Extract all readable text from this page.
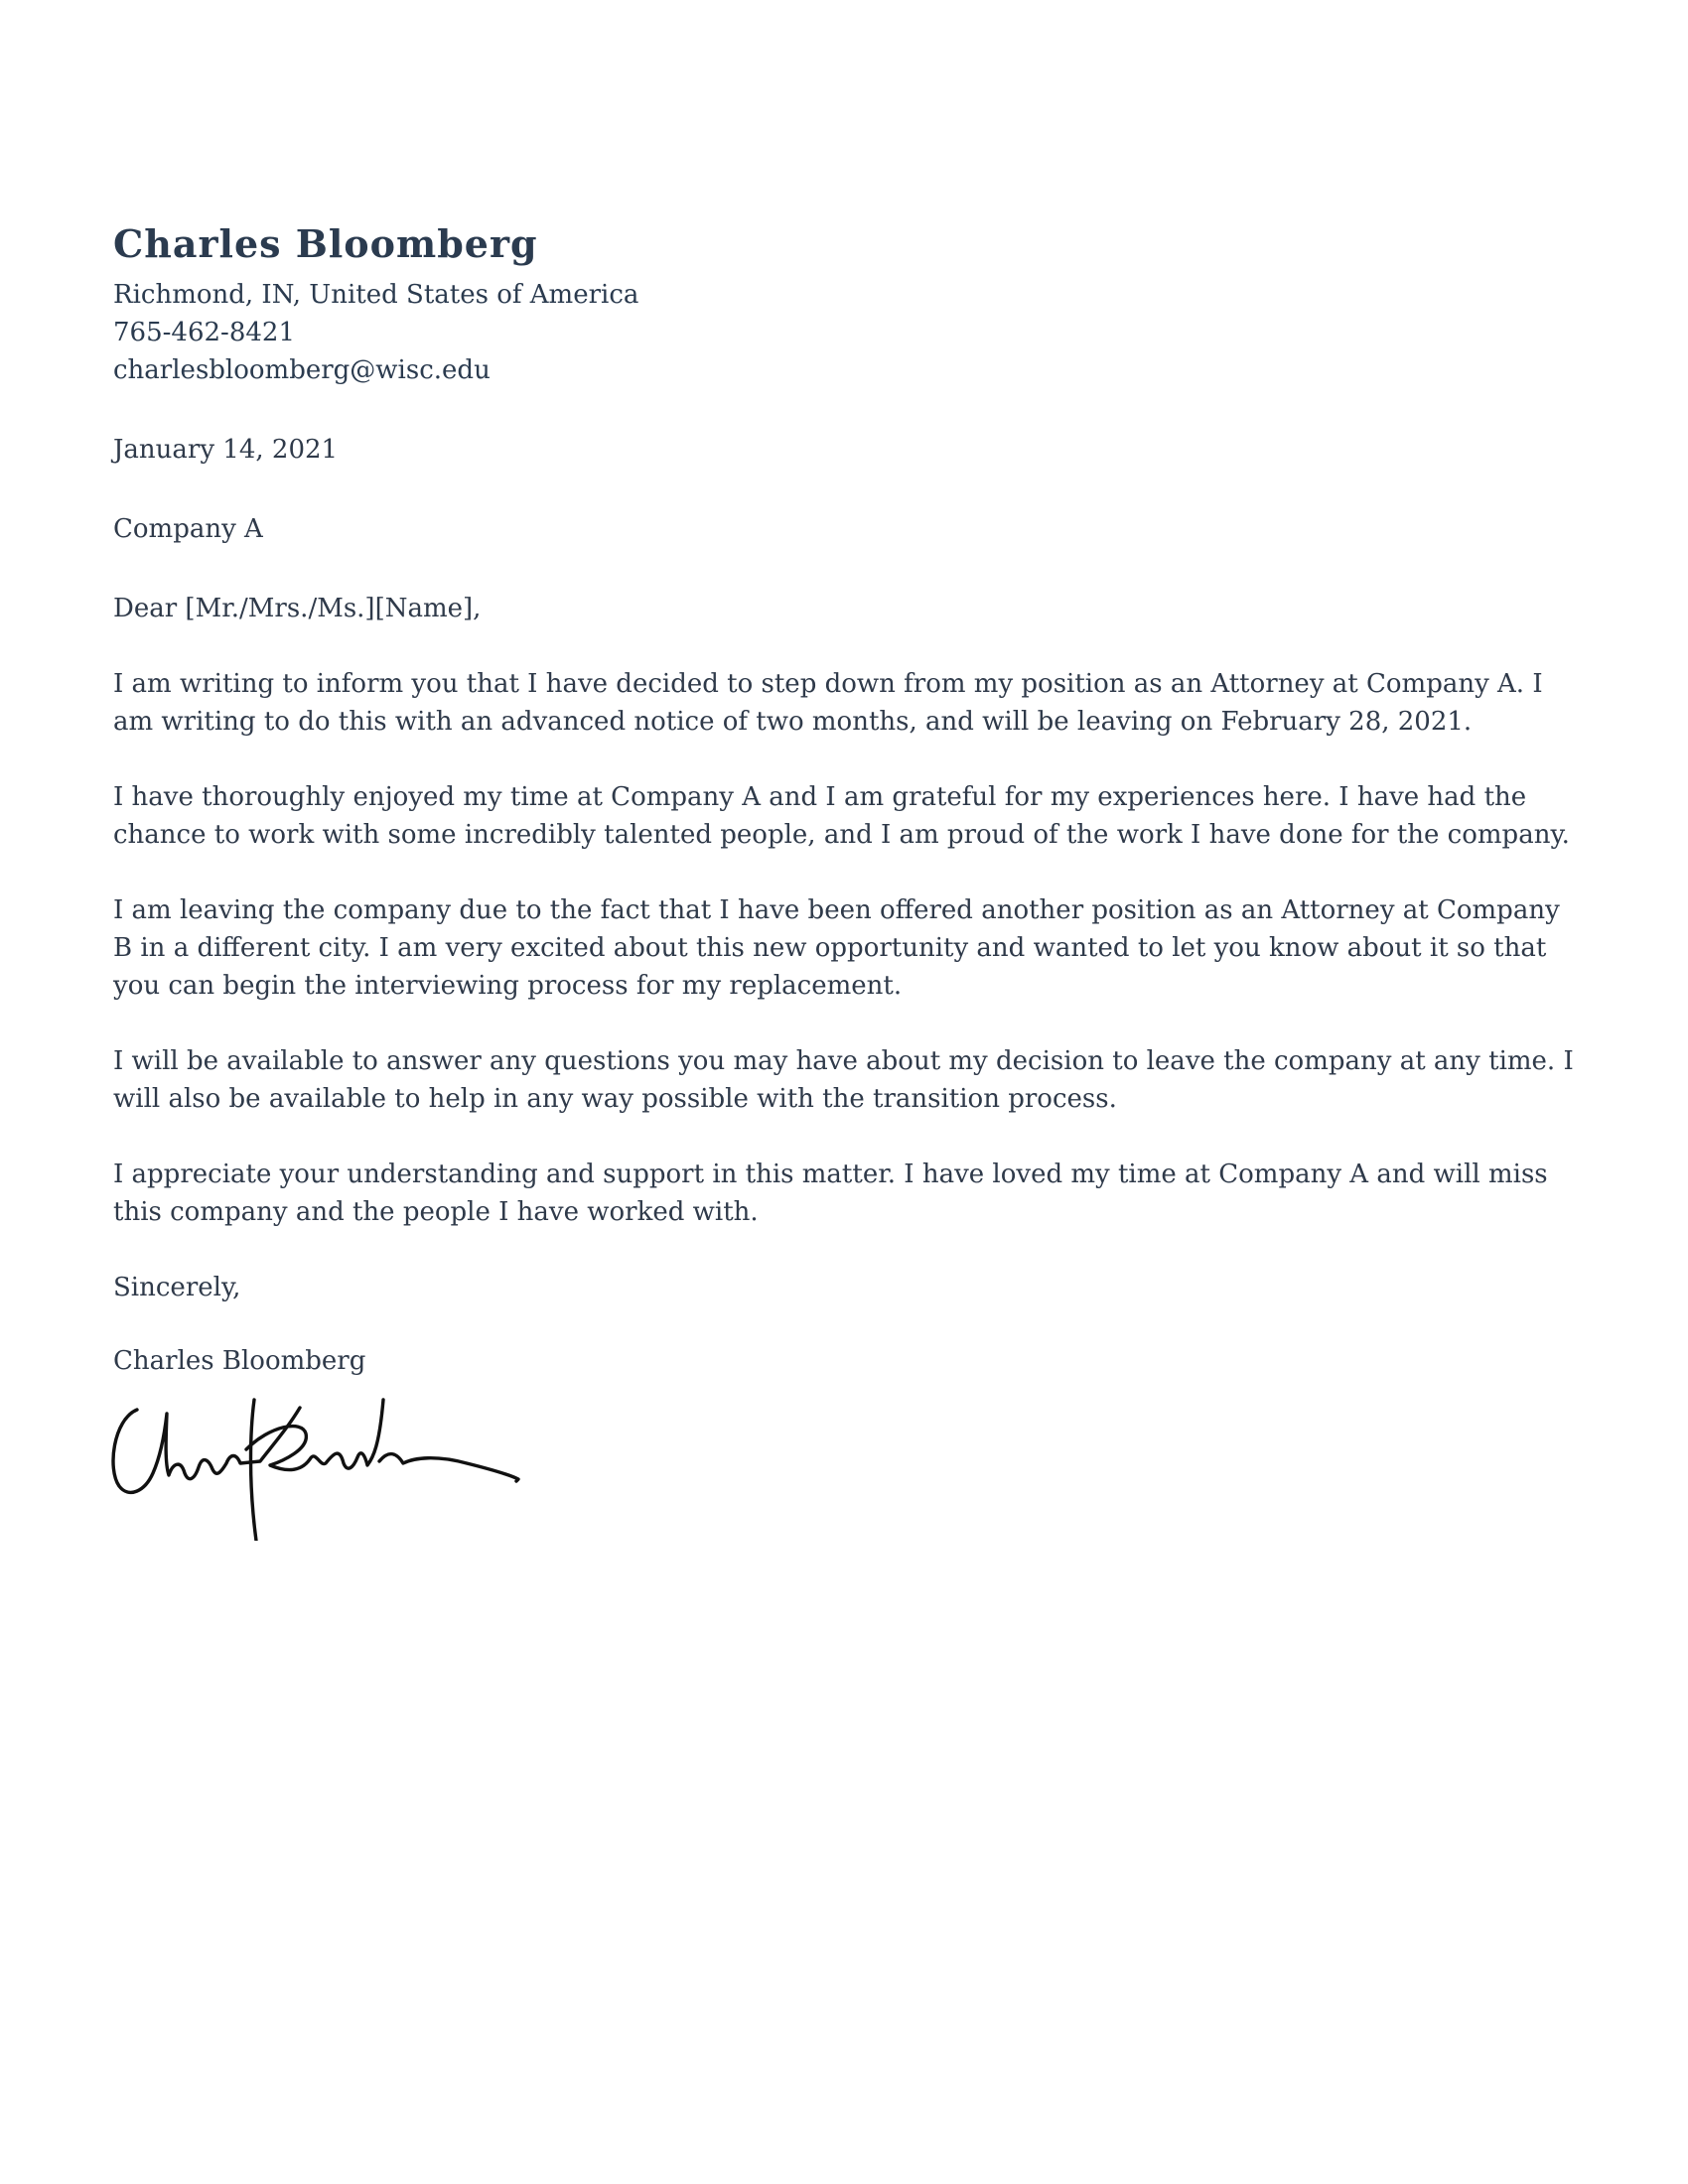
Charles Bloomberg
Richmond, IN, United States of America
765-462-8421
charlesbloomberg@wisc.edu
January 14, 2021
Company A
Dear [Mr./Mrs./Ms.][Name],

I am writing to inform you that I have decided to step down from my position as an Attorney at Company A. I am writing to do this with an advanced notice of two months, and will be leaving on February 28, 2021.

I have thoroughly enjoyed my time at Company A and I am grateful for my experiences here. I have had the chance to work with some incredibly talented people, and I am proud of the work I have done for the company.

I am leaving the company due to the fact that I have been offered another position as an Attorney at Company B in a different city. I am very excited about this new opportunity and wanted to let you know about it so that you can begin the interviewing process for my replacement.

I will be available to answer any questions you may have about my decision to leave the company at any time. I will also be available to help in any way possible with the transition process.

I appreciate your understanding and support in this matter. I have loved my time at Company A and will miss this company and the people I have worked with.

Sincerely,
Charles Bloomberg
